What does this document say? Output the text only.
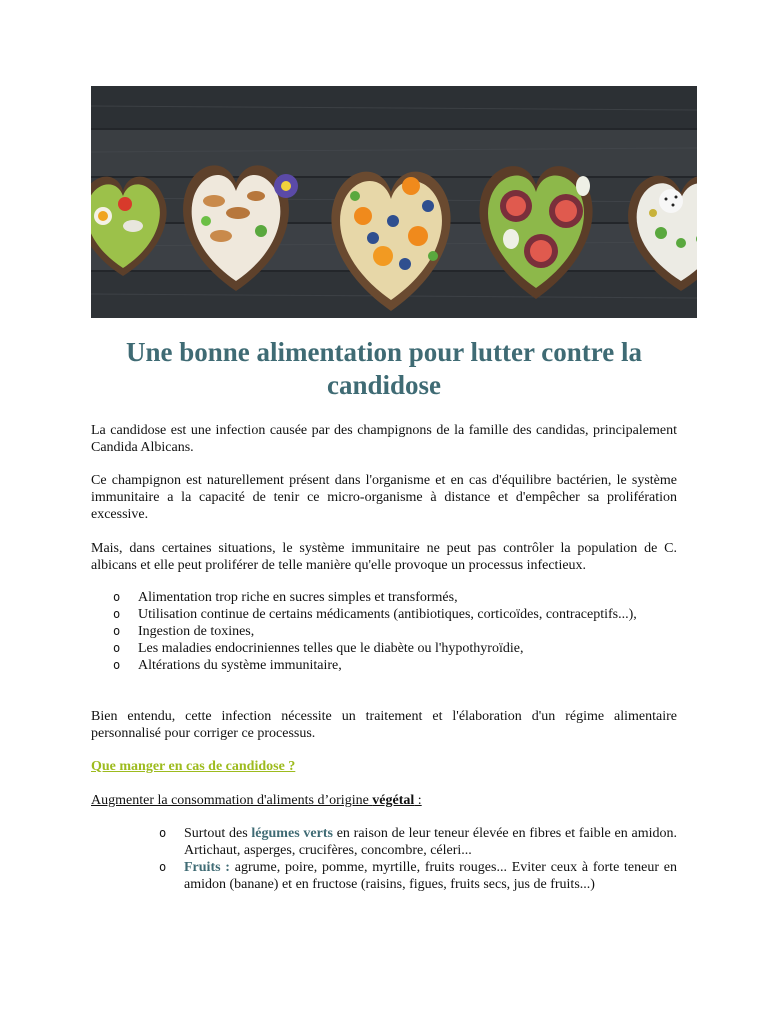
Une bonne alimentation pour lutter contre la candidose

La candidose est une infection causée par des champignons de la famille des candidas, principalement Candida Albicans.

Ce champignon est naturellement présent dans l'organisme et en cas d'équilibre bactérien, le système immunitaire a la capacité de tenir ce micro-organisme à distance et d'empêcher sa prolifération excessive.

Mais, dans certaines situations, le système immunitaire ne peut pas contrôler la population de C. albicans et elle peut proliférer de telle manière qu'elle provoque un processus infectieux.

o Alimentation trop riche en sucres simples et transformés,
o Utilisation continue de certains médicaments (antibiotiques, corticoïdes, contraceptifs...),
o Ingestion de toxines,
o Les maladies endocriniennes telles que le diabète ou l'hypothyroïdie,
o Altérations du système immunitaire,

Bien entendu, cette infection nécessite un traitement et l'élaboration d'un régime alimentaire personnalisé pour corriger ce processus.

Que manger en cas de candidose ?

Augmenter la consommation d'aliments d’origine végétal :

o Surtout des légumes verts en raison de leur teneur élevée en fibres et faible en amidon. Artichaut, asperges, crucifères, concombre, céleri...
o Fruits : agrume, poire, pomme, myrtille, fruits rouges... Eviter ceux à forte teneur en amidon (banane) et en fructose (raisins, figues, fruits secs, jus de fruits...)
